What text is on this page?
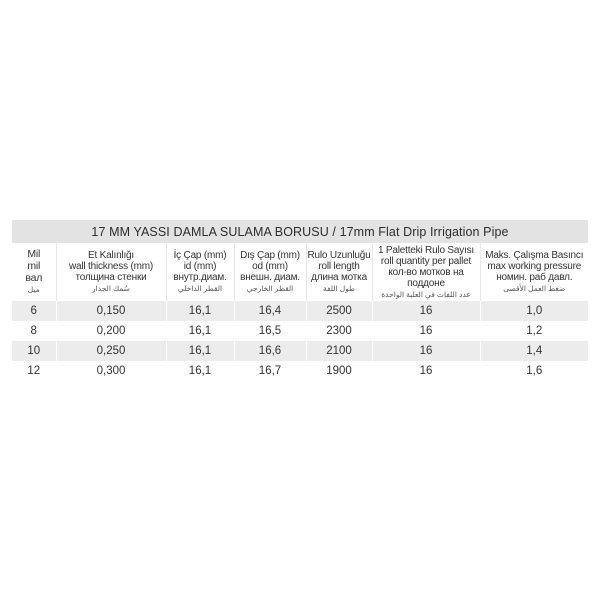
17 MM YASSI DAMLA SULAMA BORUSU / 17mm Flat Drip Irrigation Pipe						

Mil
mil
вал
ميل	Et Kalınlığı
wall thickness (mm)
толщина стенки
سُمك الجدار	İç Çap (mm)
id (mm)
внутр.диам.
القطر الداخلي	Dış Çap (mm)
od (mm)
внешн. диам.
القطر الخارجي	Rulo Uzunluğu
roll length
длина мотка
طول اللفة	1 Paletteki Rulo Sayısı
roll quantity per pallet
кол-во мотков на поддоне
عدد اللفات في العلبة الواحدة	Maks. Çalışma Basıncı
max working pressure
номин. раб давл.
ضغط العمل الأقصى

6	0,150	16,1	16,4	2500	16	1,0
8	0,200	16,1	16,5	2300	16	1,2
10	0,250	16,1	16,6	2100	16	1,4
12	0,300	16,1	16,7	1900	16	1,6
